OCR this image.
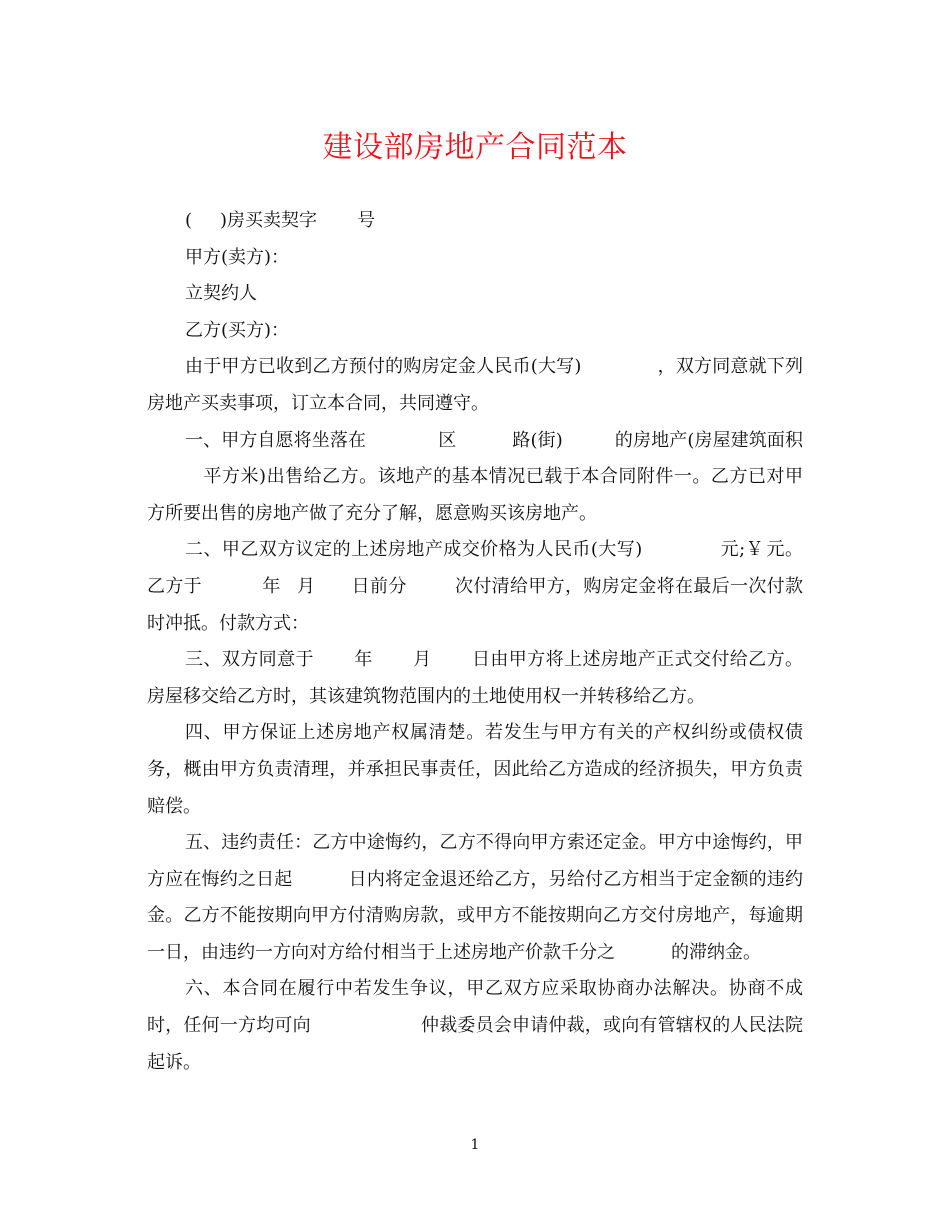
建设部房地产合同范本

( )房买卖契字 号

甲方(卖方)：

立契约人

乙方(买方)：

由于甲方已收到乙方预付的购房定金人民币(大写)	，双方同意就下列房地产买卖事项，订立本合同，共同遵守。

一、甲方自愿将坐落在	区	路(街)	的房地产(房屋建筑面积平方米)出售给乙方。该地产的基本情况已载于本合同附件一。乙方已对甲方所要出售的房地产做了充分了解，愿意购买该房地产。

二、甲乙双方议定的上述房地产成交价格为人民币(大写)	元;￥ 元。乙方于	年 月 日前分	次付清给甲方，购房定金将在最后一次付款时冲抵。付款方式：

三、双方同意于 年 月 日由甲方将上述房地产正式交付给乙方。房屋移交给乙方时，其该建筑物范围内的土地使用权一并转移给乙方。

四、甲方保证上述房地产权属清楚。若发生与甲方有关的产权纠纷或债权债务，概由甲方负责清理，并承担民事责任，因此给乙方造成的经济损失，甲方负责赔偿。

五、违约责任：乙方中途悔约，乙方不得向甲方索还定金。甲方中途悔约，甲方应在悔约之日起	日内将定金退还给乙方，另给付乙方相当于定金额的违约金。乙方不能按期向甲方付清购房款，或甲方不能按期向乙方交付房地产，每逾期一日，由违约一方向对方给付相当于上述房地产价款千分之	的滞纳金。

六、本合同在履行中若发生争议，甲乙双方应采取协商办法解决。协商不成时，任何一方均可向	仲裁委员会申请仲裁，或向有管辖权的人民法院起诉。

1
